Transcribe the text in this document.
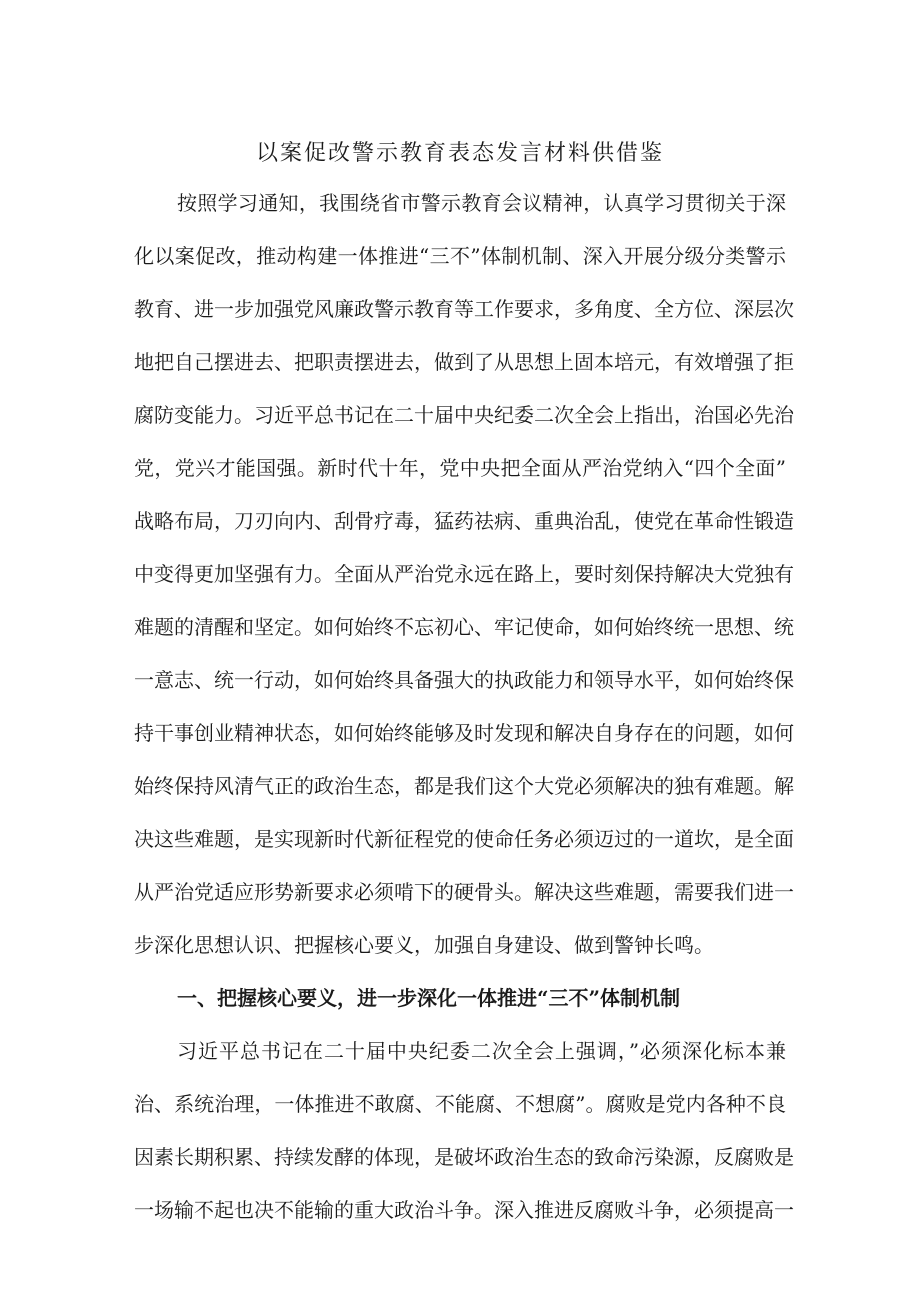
以案促改警示教育表态发言材料供借鉴

按照学习通知，我围绕省市警示教育会议精神，认真学习贯彻关于深

化以案促改，推动构建一体推进“三不”体制机制、深入开展分级分类警示

教育、进一步加强党风廉政警示教育等工作要求，多角度、全方位、深层次

地把自己摆进去、把职责摆进去，做到了从思想上固本培元，有效增强了拒

腐防变能力。习近平总书记在二十届中央纪委二次全会上指出，治国必先治

党，党兴才能国强。新时代十年，党中央把全面从严治党纳入“四个全面”

战略布局，刀刃向内、刮骨疗毒，猛药祛病、重典治乱，使党在革命性锻造

中变得更加坚强有力。全面从严治党永远在路上，要时刻保持解决大党独有

难题的清醒和坚定。如何始终不忘初心、牢记使命，如何始终统一思想、统

一意志、统一行动，如何始终具备强大的执政能力和领导水平，如何始终保

持干事创业精神状态，如何始终能够及时发现和解决自身存在的问题，如何

始终保持风清气正的政治生态，都是我们这个大党必须解决的独有难题。解

决这些难题，是实现新时代新征程党的使命任务必须迈过的一道坎，是全面

从严治党适应形势新要求必须啃下的硬骨头。解决这些难题，需要我们进一

步深化思想认识、把握核心要义，加强自身建设、做到警钟长鸣。

一、把握核心要义，进一步深化一体推进“三不”体制机制

习近平总书记在二十届中央纪委二次全会上强调，”必须深化标本兼

治、系统治理，一体推进不敢腐、不能腐、不想腐”。腐败是党内各种不良

因素长期积累、持续发酵的体现，是破坏政治生态的致命污染源，反腐败是

一场输不起也决不能输的重大政治斗争。深入推进反腐败斗争，必须提高一
